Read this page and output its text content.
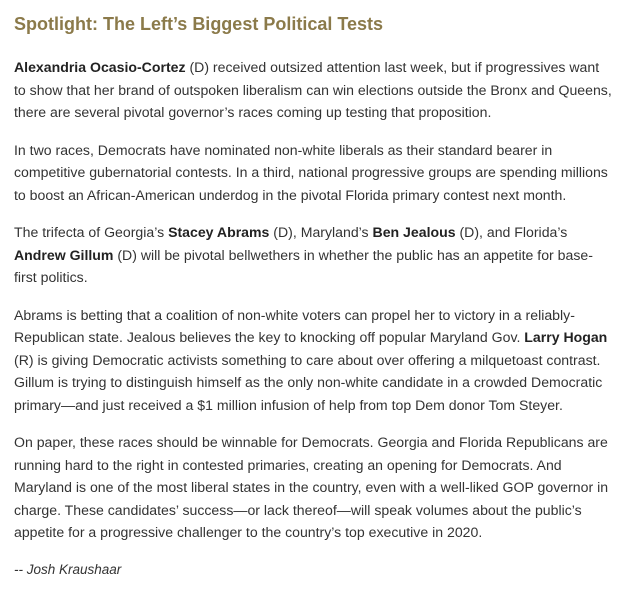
Spotlight: The Left’s Biggest Political Tests

Alexandria Ocasio-Cortez (D) received outsized attention last week, but if progressives want to show that her brand of outspoken liberalism can win elections outside the Bronx and Queens, there are several pivotal governor’s races coming up testing that proposition.

In two races, Democrats have nominated non-white liberals as their standard bearer in competitive gubernatorial contests. In a third, national progressive groups are spending millions to boost an African-American underdog in the pivotal Florida primary contest next month.

The trifecta of Georgia’s Stacey Abrams (D), Maryland’s Ben Jealous (D), and Florida’s Andrew Gillum (D) will be pivotal bellwethers in whether the public has an appetite for base-first politics.

Abrams is betting that a coalition of non-white voters can propel her to victory in a reliably-Republican state. Jealous believes the key to knocking off popular Maryland Gov. Larry Hogan (R) is giving Democratic activists something to care about over offering a milquetoast contrast. Gillum is trying to distinguish himself as the only non-white candidate in a crowded Democratic primary—and just received a $1 million infusion of help from top Dem donor Tom Steyer.

On paper, these races should be winnable for Democrats. Georgia and Florida Republicans are running hard to the right in contested primaries, creating an opening for Democrats. And Maryland is one of the most liberal states in the country, even with a well-liked GOP governor in charge. These candidates’ success—or lack thereof—will speak volumes about the public’s appetite for a progressive challenger to the country’s top executive in 2020.

-- Josh Kraushaar
